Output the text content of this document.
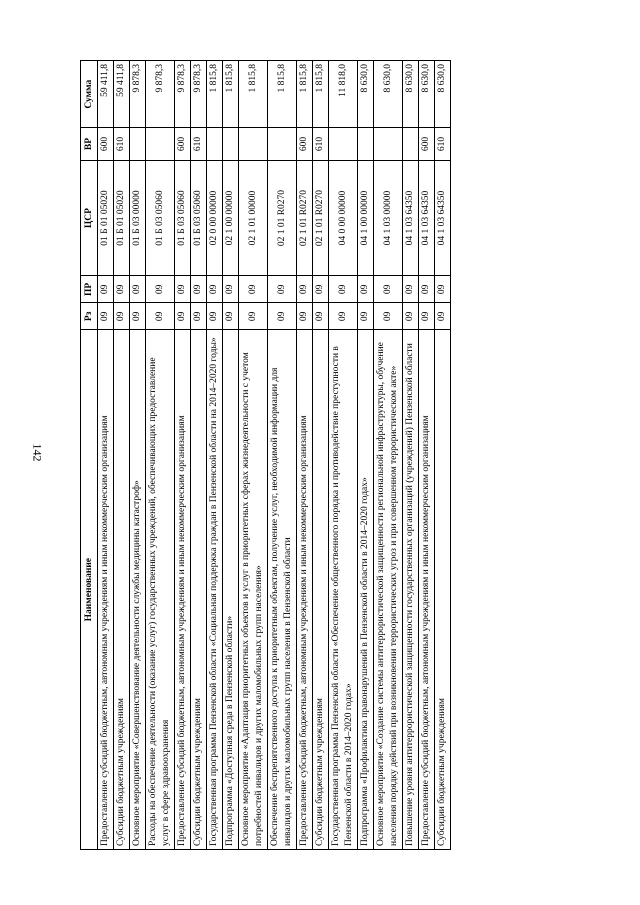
142
Наименование	Рз	ПР	ЦСР	ВР	Сумма
Предоставление субсидий бюджетным, автономным учреждениям и иным некоммерческим организациям	09	09	01 Б 01 05020	600	59 411,8
Субсидии бюджетным учреждениям	09	09	01 Б 01 05020	610	59 411,8
Основное мероприятие «Совершенствование деятельности службы медицины катастроф»	09	09	01 Б 03 00000		9 878,3
Расходы на обеспечение деятельности (оказание услуг) государственных учреждений, обеспечивающих предоставление услуг в сфере здравоохранения	09	09	01 Б 03 05060		9 878,3
Предоставление субсидий бюджетным, автономным учреждениям и иным некоммерческим организациям	09	09	01 Б 03 05060	600	9 878,3
Субсидии бюджетным учреждениям	09	09	01 Б 03 05060	610	9 878,3
Государственная программа Пензенской области «Социальная поддержка граждан в Пензенской области на 2014–2020 годы»	09	09	02 0 00 00000		1 815,8
Подпрограмма «Доступная среда в Пензенской области»	09	09	02 1 00 00000		1 815,8
Основное мероприятие «Адаптация приоритетных объектов и услуг в приоритетных сферах жизнедеятельности с учетом потребностей инвалидов и других маломобильных групп населения»	09	09	02 1 01 00000		1 815,8
Обеспечение беспрепятственного доступа к приоритетным объектам, получение услуг, необходимой информации для инвалидов и других маломобильных групп населения в Пензенской области	09	09	02 1 01 R0270		1 815,8
Предоставление субсидий бюджетным, автономным учреждениям и иным некоммерческим организациям	09	09	02 1 01 R0270	600	1 815,8
Субсидии бюджетным учреждениям	09	09	02 1 01 R0270	610	1 815,8
Государственная программа Пензенской области «Обеспечение общественного порядка и противодействие преступности в Пензенской области в 2014–2020 годах»	09	09	04 0 00 00000		11 818,0
Подпрограмма «Профилактика правонарушений в Пензенской области в 2014–2020 годах»	09	09	04 1 00 00000		8 630,0
Основное мероприятие «Создание системы антитеррористической защищенности региональной инфраструктуры, обучение населения порядку действий при возникновении террористических угроз и при совершенном террористическом акте»	09	09	04 1 03 00000		8 630,0
Повышение уровня антитеррористической защищенности государственных организаций (учреждений) Пензенской области	09	09	04 1 03 64350		8 630,0
Предоставление субсидий бюджетным, автономным учреждениям и иным некоммерческим организациям	09	09	04 1 03 64350	600	8 630,0
Субсидии бюджетным учреждениям	09	09	04 1 03 64350	610	8 630,0
